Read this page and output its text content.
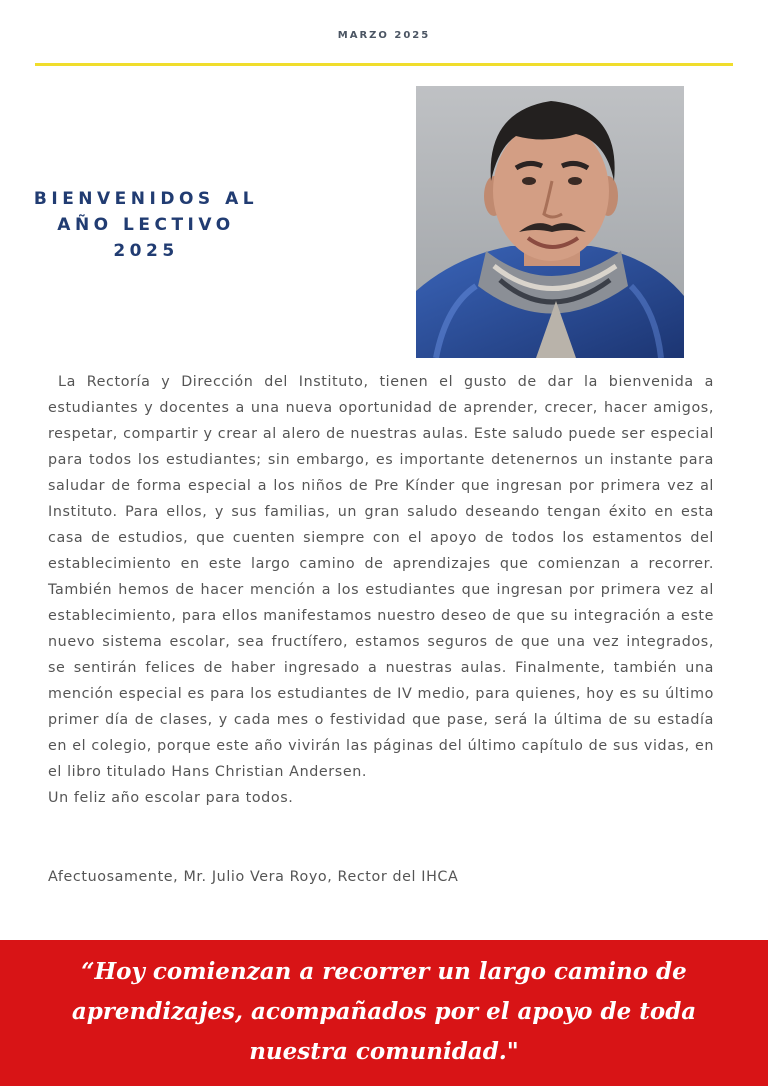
MARZO 2025
BIENVENIDOS AL
AÑO LECTIVO
2025

La Rectoría y Dirección del Instituto, tienen el gusto de dar la bienvenida a estudiantes y docentes a una nueva oportunidad de aprender, crecer, hacer amigos, respetar, compartir y crear al alero de nuestras aulas. Este saludo puede ser especial para todos los estudiantes; sin embargo, es importante detenernos un instante para saludar de forma especial a los niños de Pre Kínder que ingresan por primera vez al Instituto. Para ellos, y sus familias, un gran saludo deseando tengan éxito en esta casa de estudios, que cuenten siempre con el apoyo de todos los estamentos del establecimiento en este largo camino de aprendizajes que comienzan a recorrer. También hemos de hacer mención a los estudiantes que ingresan por primera vez al establecimiento, para ellos manifestamos nuestro deseo de que su integración a este nuevo sistema escolar, sea fructífero, estamos seguros de que una vez integrados, se sentirán felices de haber ingresado a nuestras aulas. Finalmente, también una mención especial es para los estudiantes de IV medio, para quienes, hoy es su último primer día de clases, y cada mes o festividad que pase, será la última de su estadía en el colegio, porque este año vivirán las páginas del último capítulo de sus vidas, en el libro titulado Hans Christian Andersen.

Un feliz año escolar para todos.

Afectuosamente, Mr. Julio Vera Royo, Rector del IHCA
“Hoy comienzan a recorrer un largo camino de aprendizajes, acompañados por el apoyo de toda nuestra comunidad."
